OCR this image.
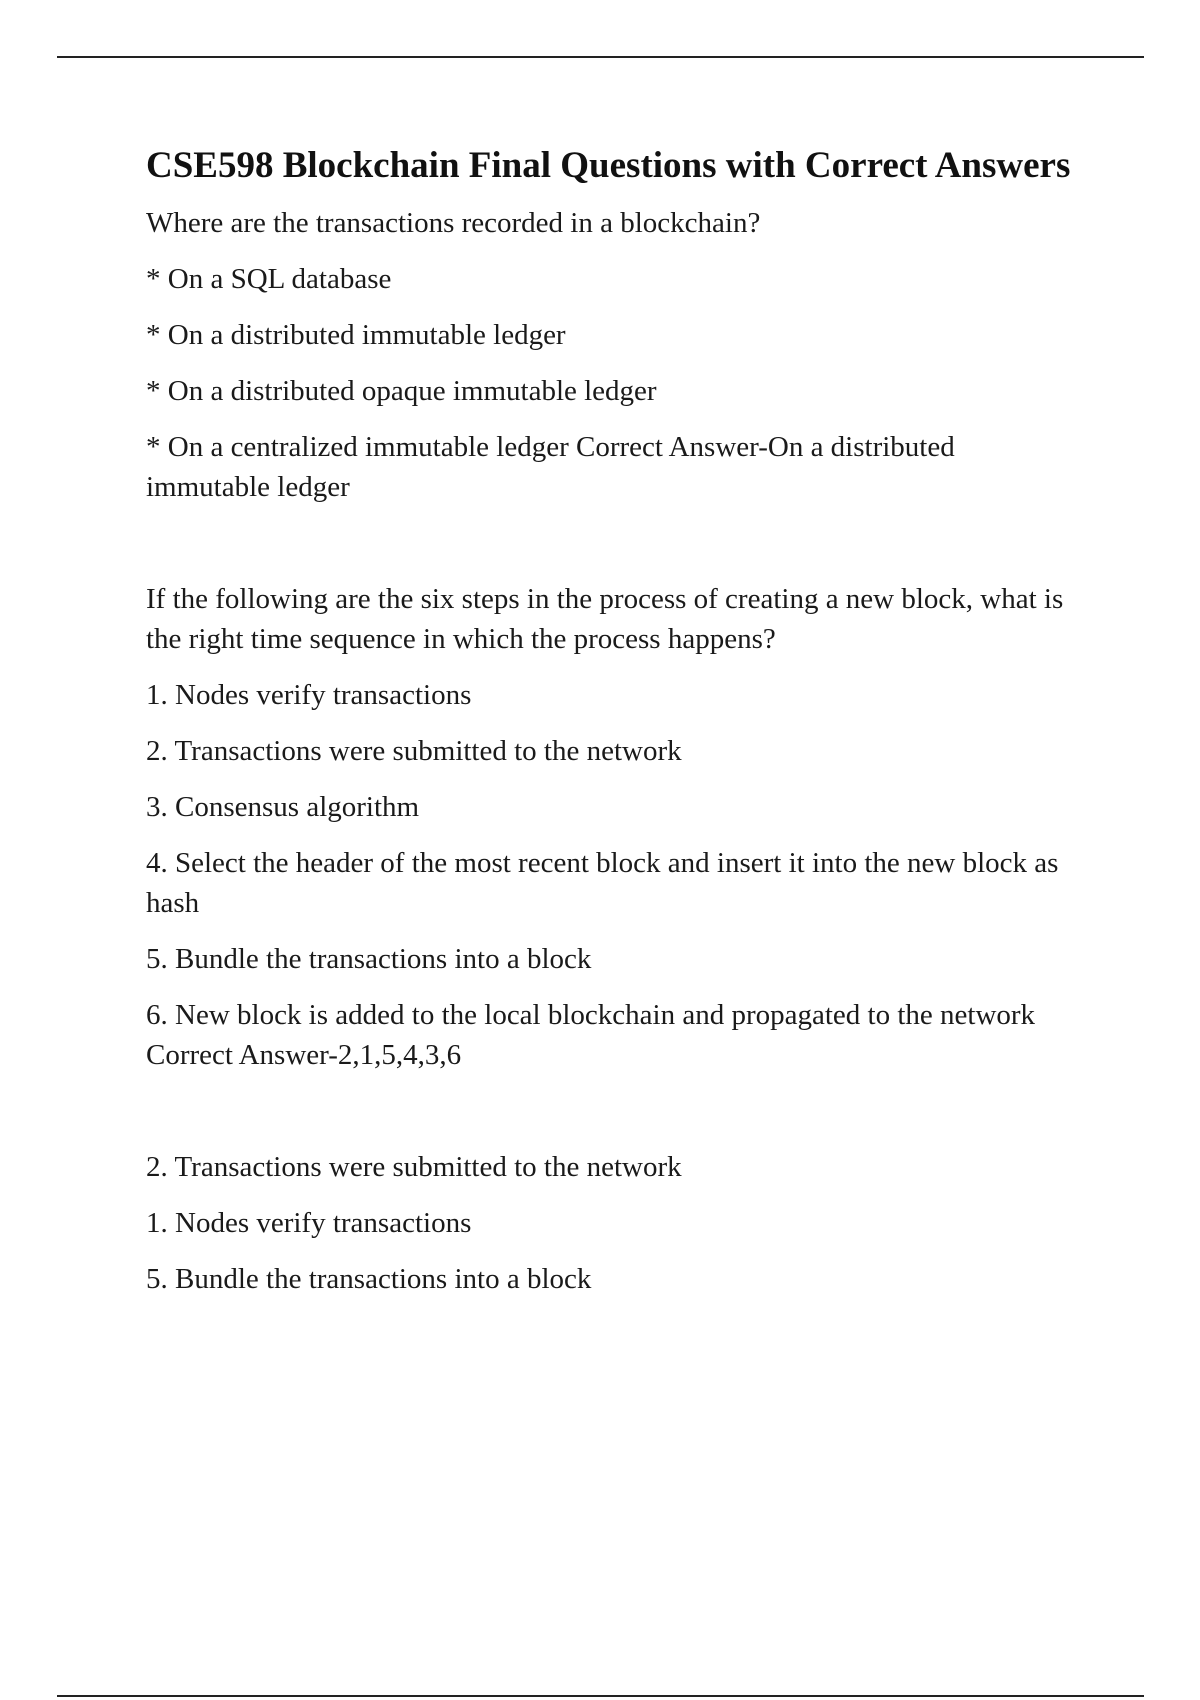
CSE598 Blockchain Final Questions with Correct Answers

Where are the transactions recorded in a blockchain?

* On a SQL database

* On a distributed immutable ledger

* On a distributed opaque immutable ledger

* On a centralized immutable ledger Correct Answer-On a distributed immutable ledger

If the following are the six steps in the process of creating a new block, what is the right time sequence in which the process happens?

1. Nodes verify transactions

2. Transactions were submitted to the network

3. Consensus algorithm

4. Select the header of the most recent block and insert it into the new block as hash

5. Bundle the transactions into a block

6. New block is added to the local blockchain and propagated to the network Correct Answer-2,1,5,4,3,6

2. Transactions were submitted to the network

1. Nodes verify transactions

5. Bundle the transactions into a block
